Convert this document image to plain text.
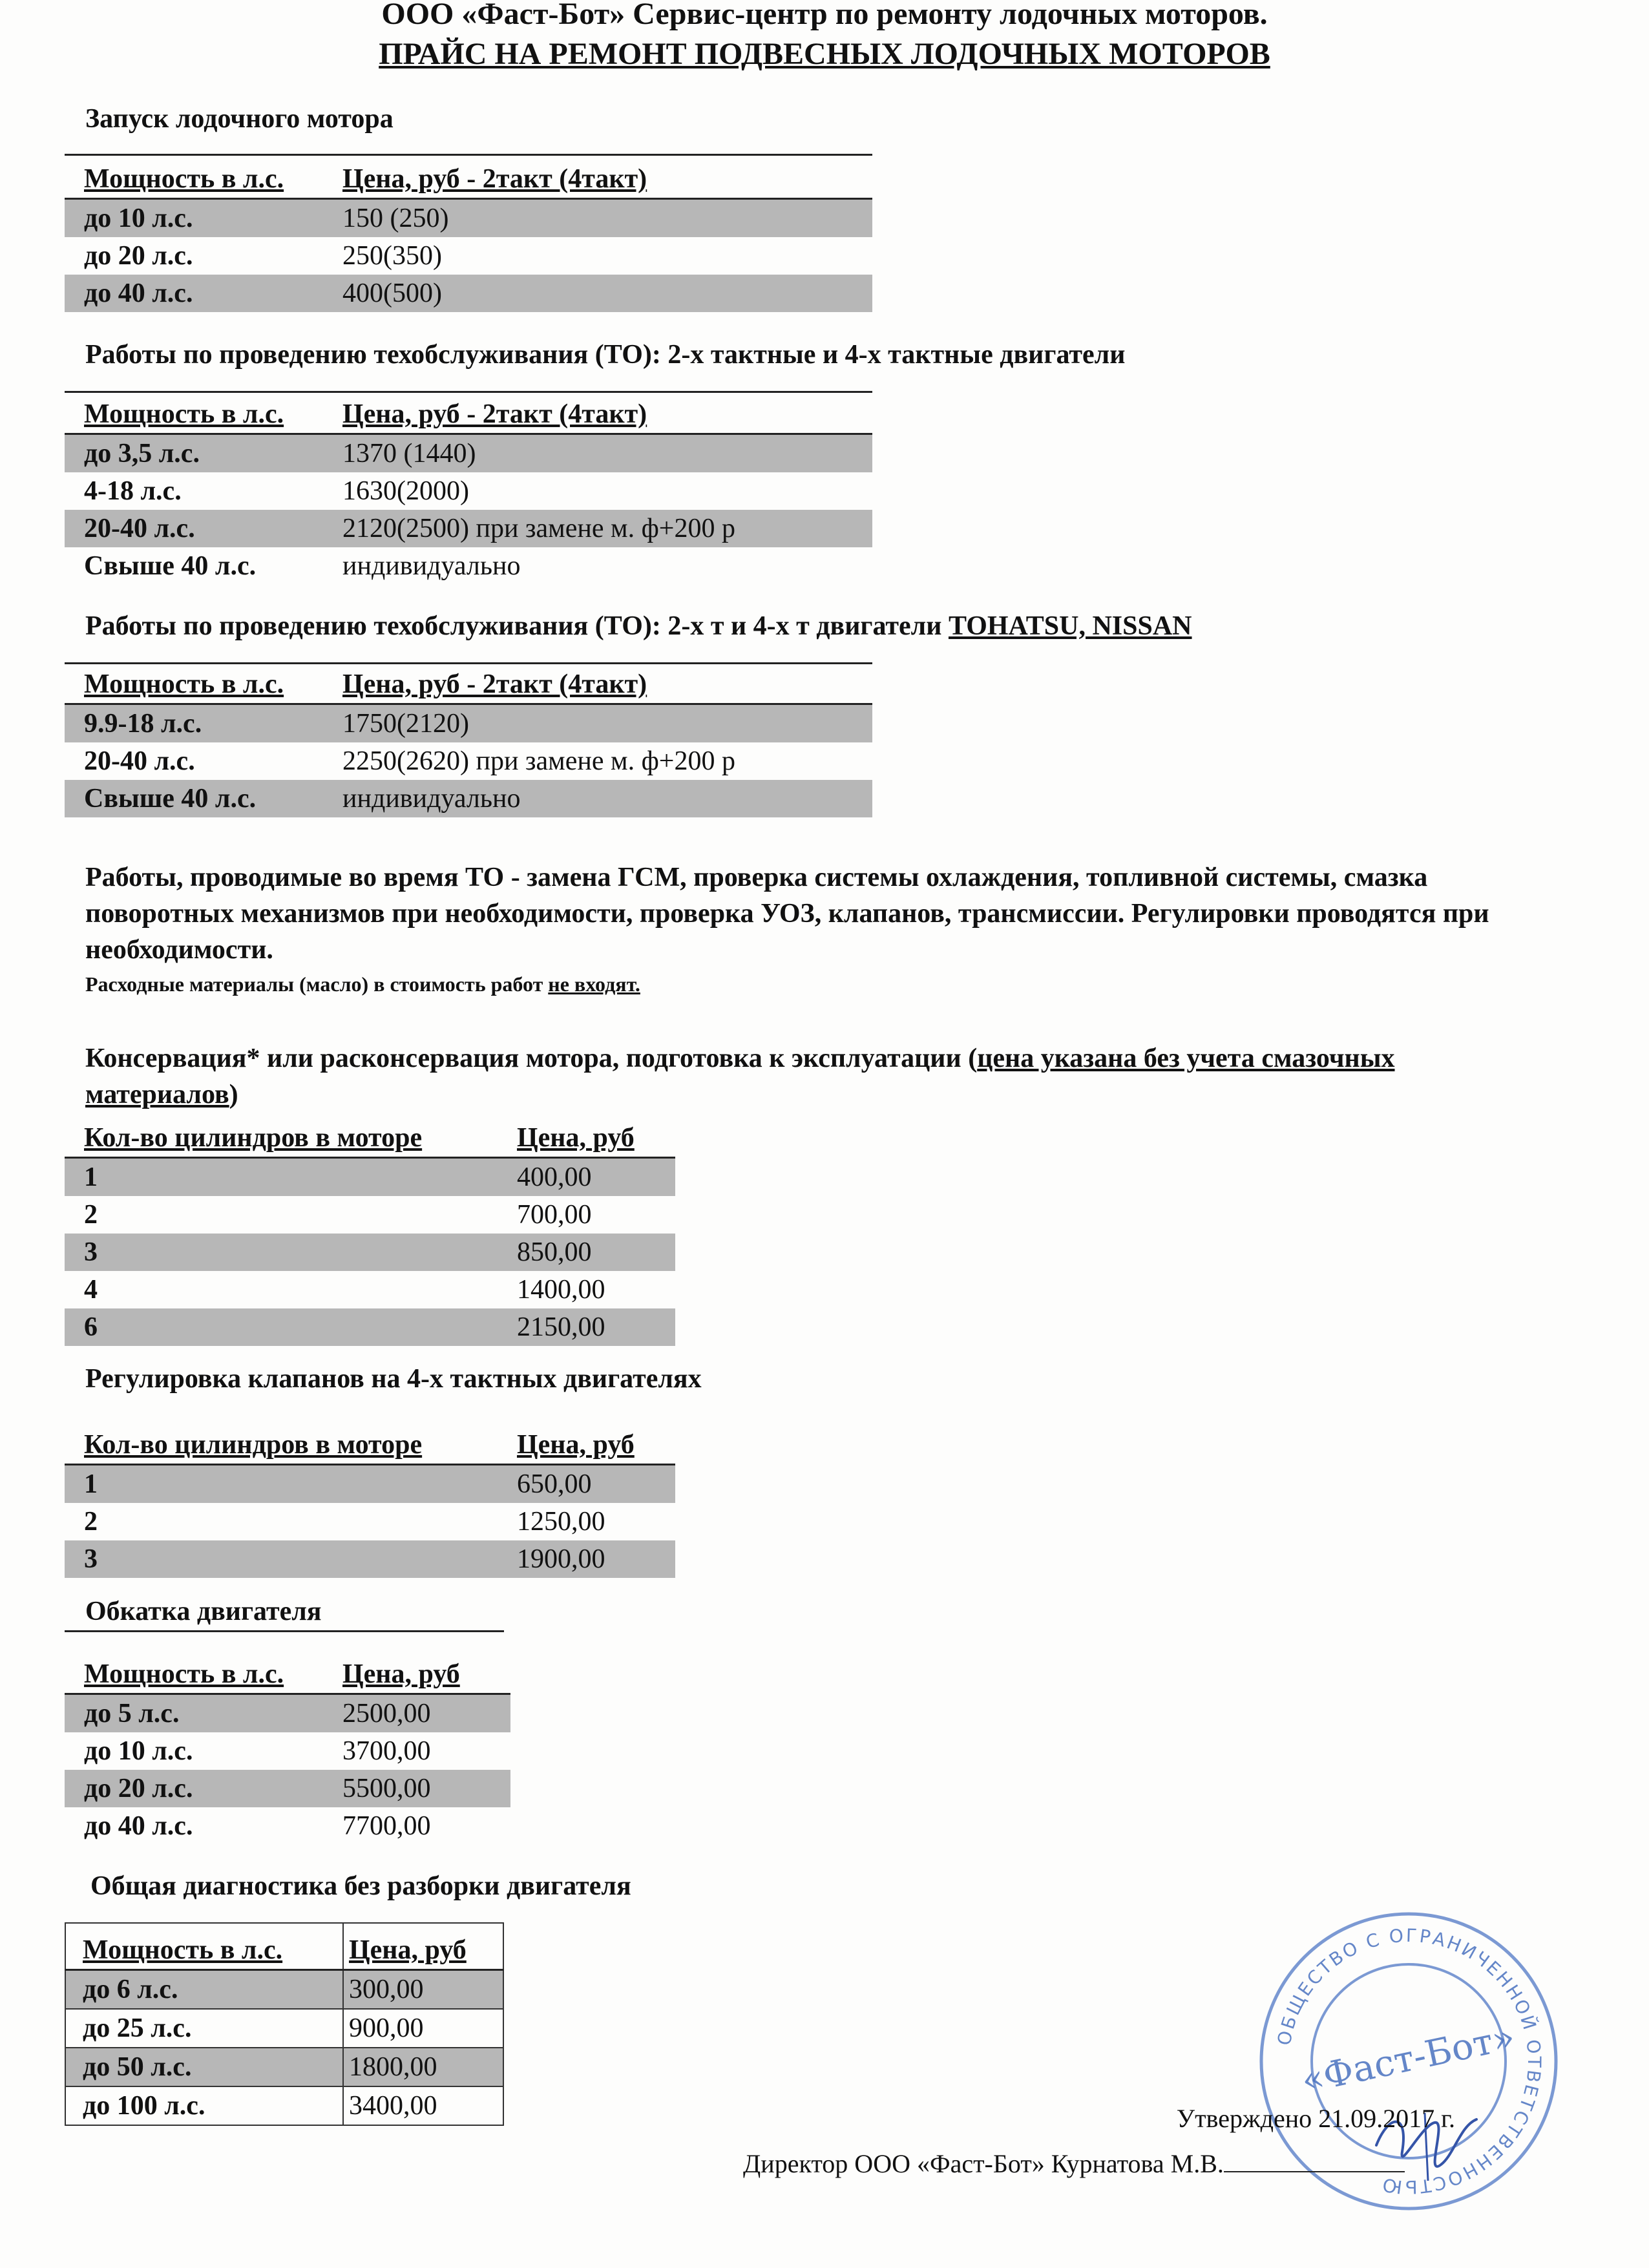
ООО «Фаст-Бот» Сервис-центр по ремонту лодочных моторов.
ПРАЙС НА РЕМОНТ ПОДВЕСНЫХ ЛОДОЧНЫХ МОТОРОВ
Запуск лодочного мотора
Мощность в л.с.	Цена, руб - 2такт (4такт)
до 10 л.с.	150 (250)
до 20 л.с.	250(350)
до 40 л.с.	400(500)
Работы по проведению техобслуживания (ТО): 2-х тактные и 4-х тактные двигатели
Мощность в л.с.	Цена, руб - 2такт (4такт)
до 3,5 л.с.	1370 (1440)
4-18 л.с.	1630(2000)
20-40 л.с.	2120(2500) при замене м. ф+200 р
Свыше 40 л.с.	индивидуально
Работы по проведению техобслуживания (ТО): 2-х т и 4-х т двигатели TOHATSU, NISSAN
Мощность в л.с.	Цена, руб - 2такт (4такт)
9.9-18 л.с.	1750(2120)
20-40 л.с.	2250(2620) при замене м. ф+200 р
Свыше 40 л.с.	индивидуально
Работы, проводимые во время ТО - замена ГСМ, проверка системы охлаждения, топливной системы, смазка поворотных механизмов при необходимости, проверка УОЗ, клапанов, трансмиссии. Регулировки проводятся при необходимости.
Расходные материалы (масло) в стоимость работ не входят.
Консервация* или расконсервация мотора, подготовка к эксплуатации (цена указана без учета смазочных материалов)
Кол-во цилиндров в моторе	Цена, руб
1	400,00
2	700,00
3	850,00
4	1400,00
6	2150,00
Регулировка клапанов на 4-х тактных двигателях
Кол-во цилиндров в моторе	Цена, руб
1	650,00
2	1250,00
3	1900,00
Обкатка двигателя
Мощность в л.с.	Цена, руб
до 5 л.с.	2500,00
до 10 л.с.	3700,00
до 20 л.с.	5500,00
до 40 л.с.	7700,00
Общая диагностика без разборки двигателя
Мощность в л.с.	Цена, руб
до 6 л.с.	300,00
до 25 л.с.	900,00
до 50 л.с.	1800,00
до 100 л.с.	3400,00
ОБЩЕСТВО С ОГРАНИЧЕННОЙ ОТВЕТСТВЕННОСТЬЮ
«Фаст-Бот»
Утверждено 21.09.2017 г.
Директор ООО «Фаст-Бот» Курнатова М.В.
